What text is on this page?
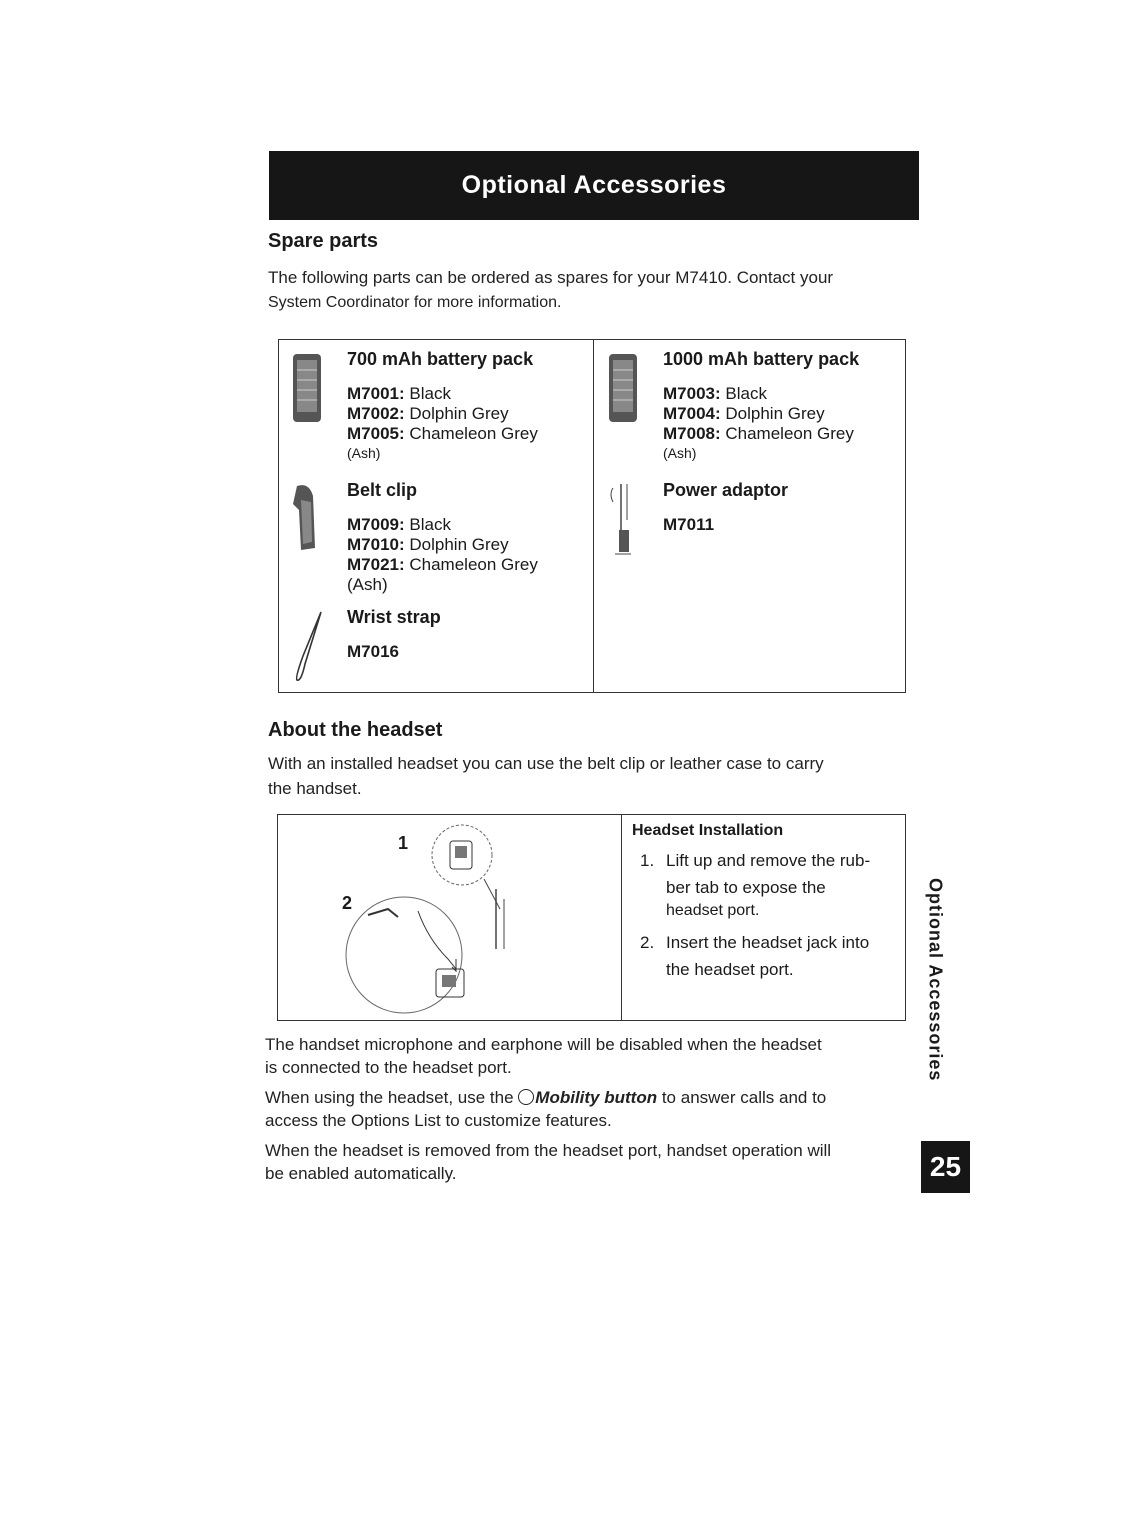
Optional Accessories
Spare parts
The following parts can be ordered as spares for your M7410. Contact your
System Coordinator for more information.
700 mAh battery pack
M7001: Black
M7002: Dolphin Grey
M7005: Chameleon Grey
(Ash)
Belt clip
M7009: Black
M7010: Dolphin Grey
M7021: Chameleon Grey
(Ash)
Wrist strap
M7016
1000 mAh battery pack
M7003: Black
M7004: Dolphin Grey
M7008: Chameleon Grey
(Ash)
Power adaptor
M7011
About the headset
With an installed headset you can use the belt clip or leather case to carry
the handset.
1
2
Headset Installation
1. Lift up and remove the rub-
ber tab to expose the
headset port.
2. Insert the headset jack into
the headset port.
The handset microphone and earphone will be disabled when the headset
is connected to the headset port.
When using the headset, use the Mobility button to answer calls and to
access the Options List to customize features.
When the headset is removed from the headset port, handset operation will
be enabled automatically.
Optional Accessories
25
